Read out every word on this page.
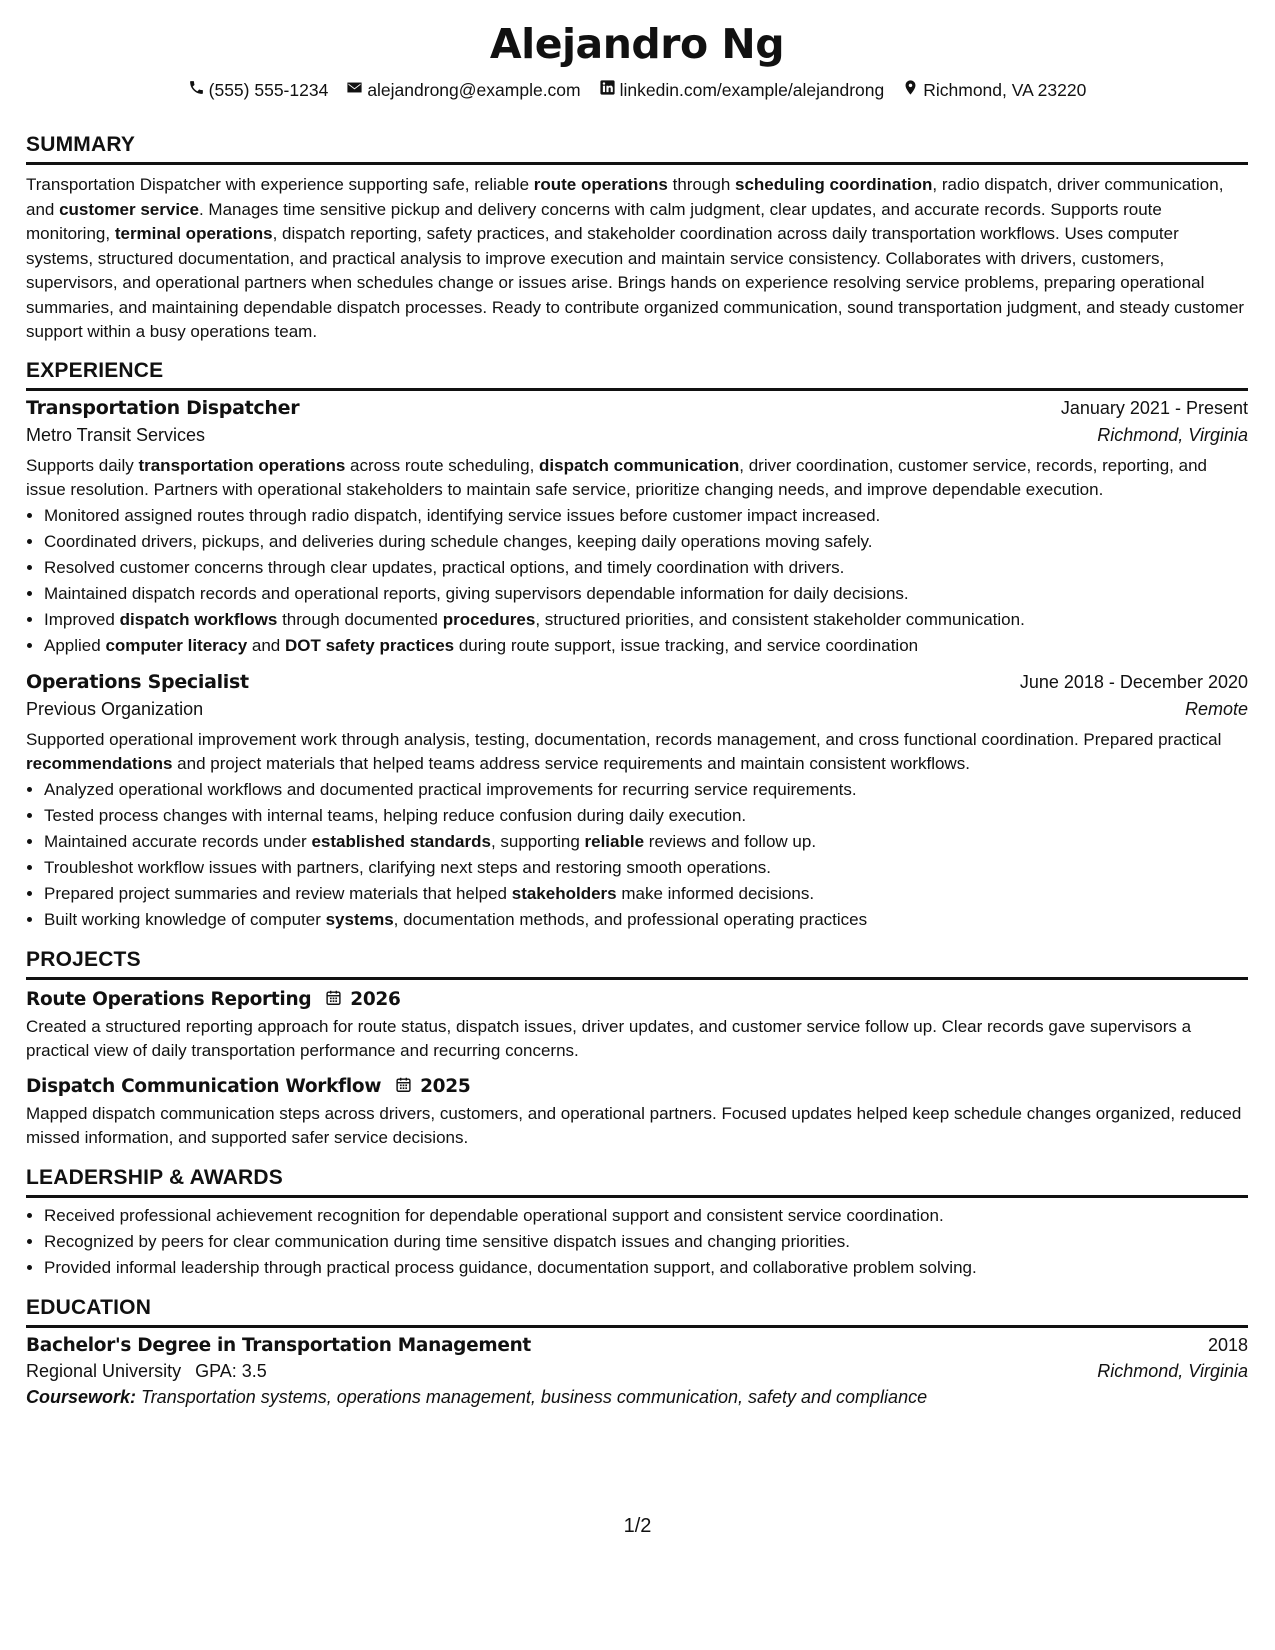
Alejandro Ng
(555) 555-1234 alejandrong@example.com linkedin.com/example/alejandrong Richmond, VA 23220
SUMMARY

Transportation Dispatcher with experience supporting safe, reliable route operations through scheduling coordination, radio dispatch, driver communication, and customer service. Manages time sensitive pickup and delivery concerns with calm judgment, clear updates, and accurate records. Supports route monitoring, terminal operations, dispatch reporting, safety practices, and stakeholder coordination across daily transportation workflows. Uses computer systems, structured documentation, and practical analysis to improve execution and maintain service consistency. Collaborates with drivers, customers, supervisors, and operational partners when schedules change or issues arise. Brings hands on experience resolving service problems, preparing operational summaries, and maintaining dependable dispatch processes. Ready to contribute organized communication, sound transportation judgment, and steady customer support within a busy operations team.

EXPERIENCE
Transportation Dispatcher	January 2021 - Present
Metro Transit Services	Richmond, Virginia

Supports daily transportation operations across route scheduling, dispatch communication, driver coordination, customer service, records, reporting, and issue resolution. Partners with operational stakeholders to maintain safe service, prioritize changing needs, and improve dependable execution.

• Monitored assigned routes through radio dispatch, identifying service issues before customer impact increased.
• Coordinated drivers, pickups, and deliveries during schedule changes, keeping daily operations moving safely.
• Resolved customer concerns through clear updates, practical options, and timely coordination with drivers.
• Maintained dispatch records and operational reports, giving supervisors dependable information for daily decisions.
• Improved dispatch workflows through documented procedures, structured priorities, and consistent stakeholder communication.
• Applied computer literacy and DOT safety practices during route support, issue tracking, and service coordination
Operations Specialist	June 2018 - December 2020
Previous Organization	Remote

Supported operational improvement work through analysis, testing, documentation, records management, and cross functional coordination. Prepared practical recommendations and project materials that helped teams address service requirements and maintain consistent workflows.

• Analyzed operational workflows and documented practical improvements for recurring service requirements.
• Tested process changes with internal teams, helping reduce confusion during daily execution.
• Maintained accurate records under established standards, supporting reliable reviews and follow up.
• Troubleshot workflow issues with partners, clarifying next steps and restoring smooth operations.
• Prepared project summaries and review materials that helped stakeholders make informed decisions.
• Built working knowledge of computer systems, documentation methods, and professional operating practices
PROJECTS
Route Operations Reporting 2026

Created a structured reporting approach for route status, dispatch issues, driver updates, and customer service follow up. Clear records gave supervisors a practical view of daily transportation performance and recurring concerns.

Dispatch Communication Workflow 2025

Mapped dispatch communication steps across drivers, customers, and operational partners. Focused updates helped keep schedule changes organized, reduced missed information, and supported safer service decisions.

LEADERSHIP & AWARDS
• Received professional achievement recognition for dependable operational support and consistent service coordination.
• Recognized by peers for clear communication during time sensitive dispatch issues and changing priorities.
• Provided informal leadership through practical process guidance, documentation support, and collaborative problem solving.
EDUCATION
Bachelor's Degree in Transportation Management	2018
Regional University GPA: 3.5	Richmond, Virginia
Coursework: Transportation systems, operations management, business communication, safety and compliance
1/2
